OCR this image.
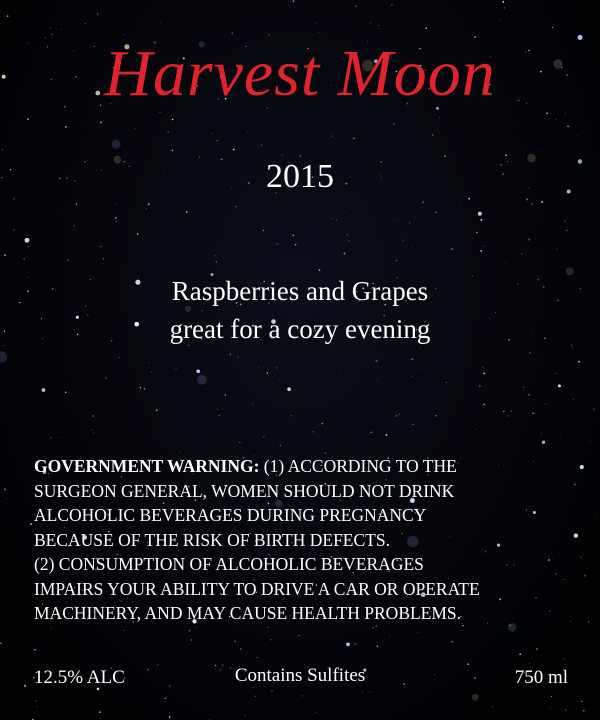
Harvest Moon
2015
Raspberries and Grapes
great for a cozy evening
GOVERNMENT WARNING: (1) ACCORDING TO THE
SURGEON GENERAL, WOMEN SHOULD NOT DRINK
ALCOHOLIC BEVERAGES DURING PREGNANCY
BECAUSE OF THE RISK OF BIRTH DEFECTS.
(2) CONSUMPTION OF ALCOHOLIC BEVERAGES
IMPAIRS YOUR ABILITY TO DRIVE A CAR OR OPERATE
MACHINERY, AND MAY CAUSE HEALTH PROBLEMS.
12.5% ALC	Contains Sulfites	750 ml
